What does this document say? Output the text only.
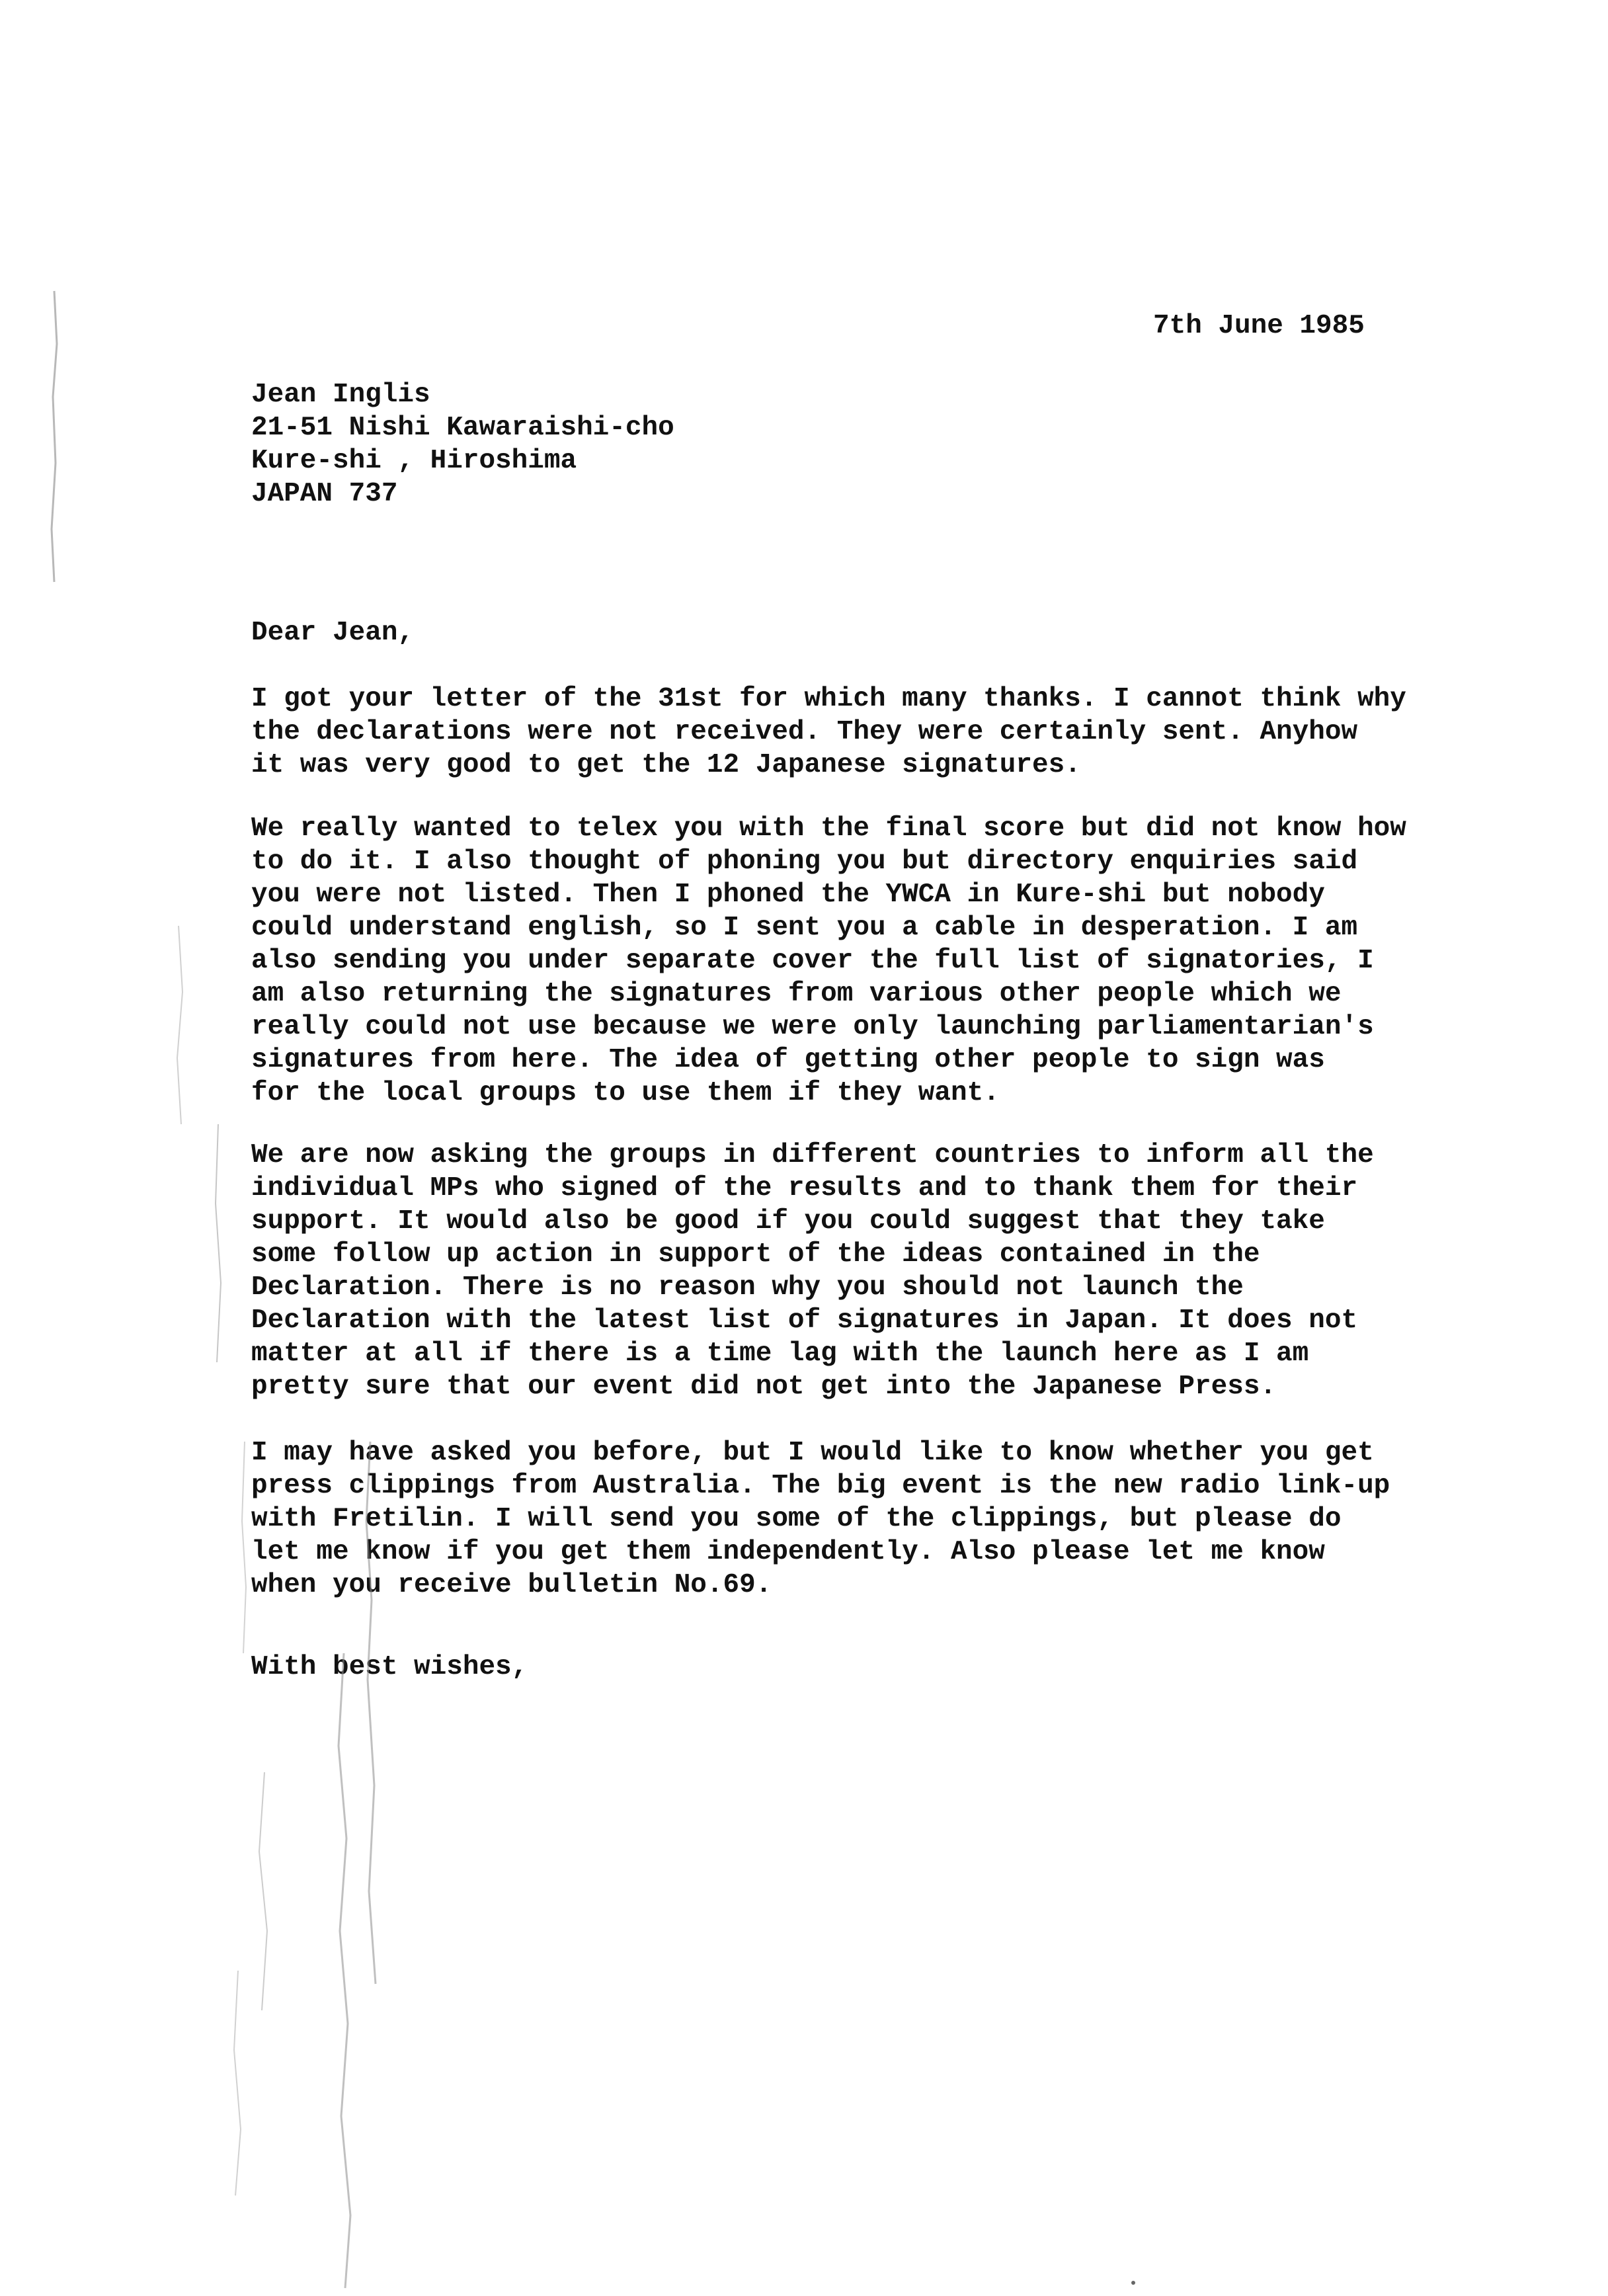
7th June 1985
Jean Inglis
21-51 Nishi Kawaraishi-cho
Kure-shi , Hiroshima
JAPAN 737
Dear Jean,
I got your letter of the 31st for which many thanks. I cannot think why
the declarations were not received. They were certainly sent. Anyhow
it was very good to get the 12 Japanese signatures.
We really wanted to telex you with the final score but did not know how
to do it. I also thought of phoning you but directory enquiries said
you were not listed. Then I phoned the YWCA in Kure-shi but nobody
could understand english, so I sent you a cable in desperation. I am
also sending you under separate cover the full list of signatories, I
am also returning the signatures from various other people which we
really could not use because we were only launching parliamentarian's
signatures from here. The idea of getting other people to sign was
for the local groups to use them if they want.
We are now asking the groups in different countries to inform all the
individual MPs who signed of the results and to thank them for their
support. It would also be good if you could suggest that they take
some follow up action in support of the ideas contained in the
Declaration. There is no reason why you should not launch the
Declaration with the latest list of signatures in Japan. It does not
matter at all if there is a time lag with the launch here as I am
pretty sure that our event did not get into the Japanese Press.
I may have asked you before, but I would like to know whether you get
press clippings from Australia. The big event is the new radio link-up
with Fretilin. I will send you some of the clippings, but please do
let me know if you get them independently. Also please let me know
when you receive bulletin No.69.
With best wishes,
